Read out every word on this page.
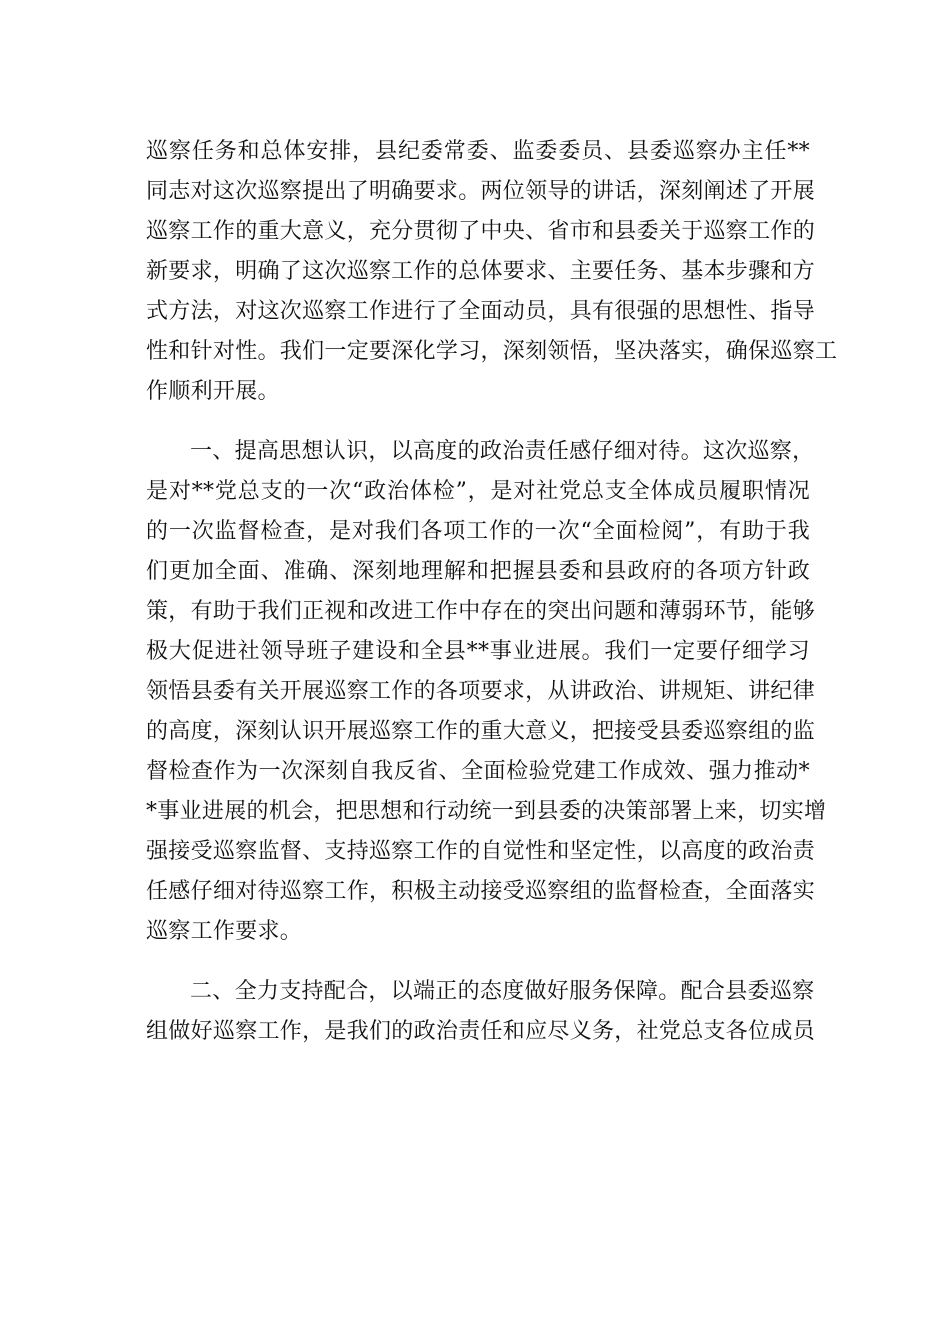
巡察任务和总体安排，县纪委常委、监委委员、县委巡察办主任**
同志对这次巡察提出了明确要求。两位领导的讲话，深刻阐述了开展
巡察工作的重大意义，充分贯彻了中央、省市和县委关于巡察工作的
新要求，明确了这次巡察工作的总体要求、主要任务、基本步骤和方
式方法，对这次巡察工作进行了全面动员，具有很强的思想性、指导
性和针对性。我们一定要深化学习，深刻领悟，坚决落实，确保巡察工
作顺利开展。
一、提高思想认识，以高度的政治责任感仔细对待。这次巡察，
是对**党总支的一次“政治体检”，是对社党总支全体成员履职情况
的一次监督检查，是对我们各项工作的一次“全面检阅”，有助于我
们更加全面、准确、深刻地理解和把握县委和县政府的各项方针政
策，有助于我们正视和改进工作中存在的突出问题和薄弱环节，能够
极大促进社领导班子建设和全县**事业进展。我们一定要仔细学习
领悟县委有关开展巡察工作的各项要求，从讲政治、讲规矩、讲纪律
的高度，深刻认识开展巡察工作的重大意义，把接受县委巡察组的监
督检查作为一次深刻自我反省、全面检验党建工作成效、强力推动*
*事业进展的机会，把思想和行动统一到县委的决策部署上来，切实增
强接受巡察监督、支持巡察工作的自觉性和坚定性，以高度的政治责
任感仔细对待巡察工作，积极主动接受巡察组的监督检查，全面落实
巡察工作要求。
二、全力支持配合，以端正的态度做好服务保障。配合县委巡察
组做好巡察工作，是我们的政治责任和应尽义务，社党总支各位成员
